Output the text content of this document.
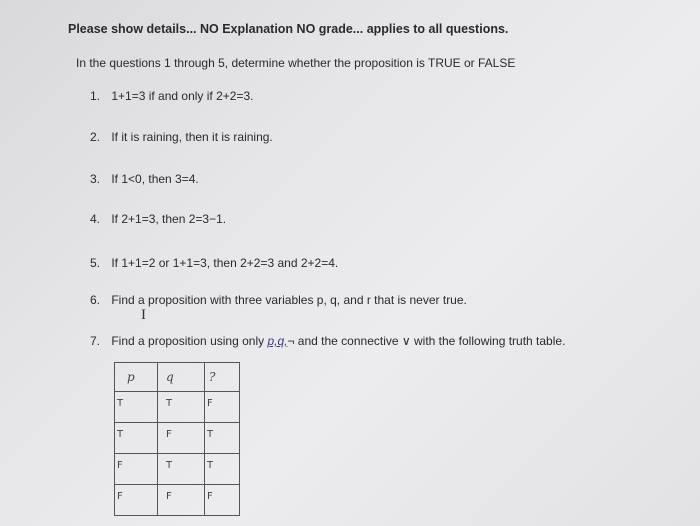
Please show details... NO Explanation NO grade... applies to all questions.
In the questions 1 through 5, determine whether the proposition is TRUE or FALSE
1. 1+1=3 if and only if 2+2=3.
2. If it is raining, then it is raining.
3. If 1<0, then 3=4.
4. If 2+1=3, then 2=3−1.
5. If 1+1=2 or 1+1=3, then 2+2=3 and 2+2=4.
6. Find a proposition with three variables p, q, and r that is never true.
I
7. Find a proposition using only p,q,¬ and the connective ∨ with the following truth table.
p	q	?
T	T	F
T	F	T
F	T	T
F	F	F
